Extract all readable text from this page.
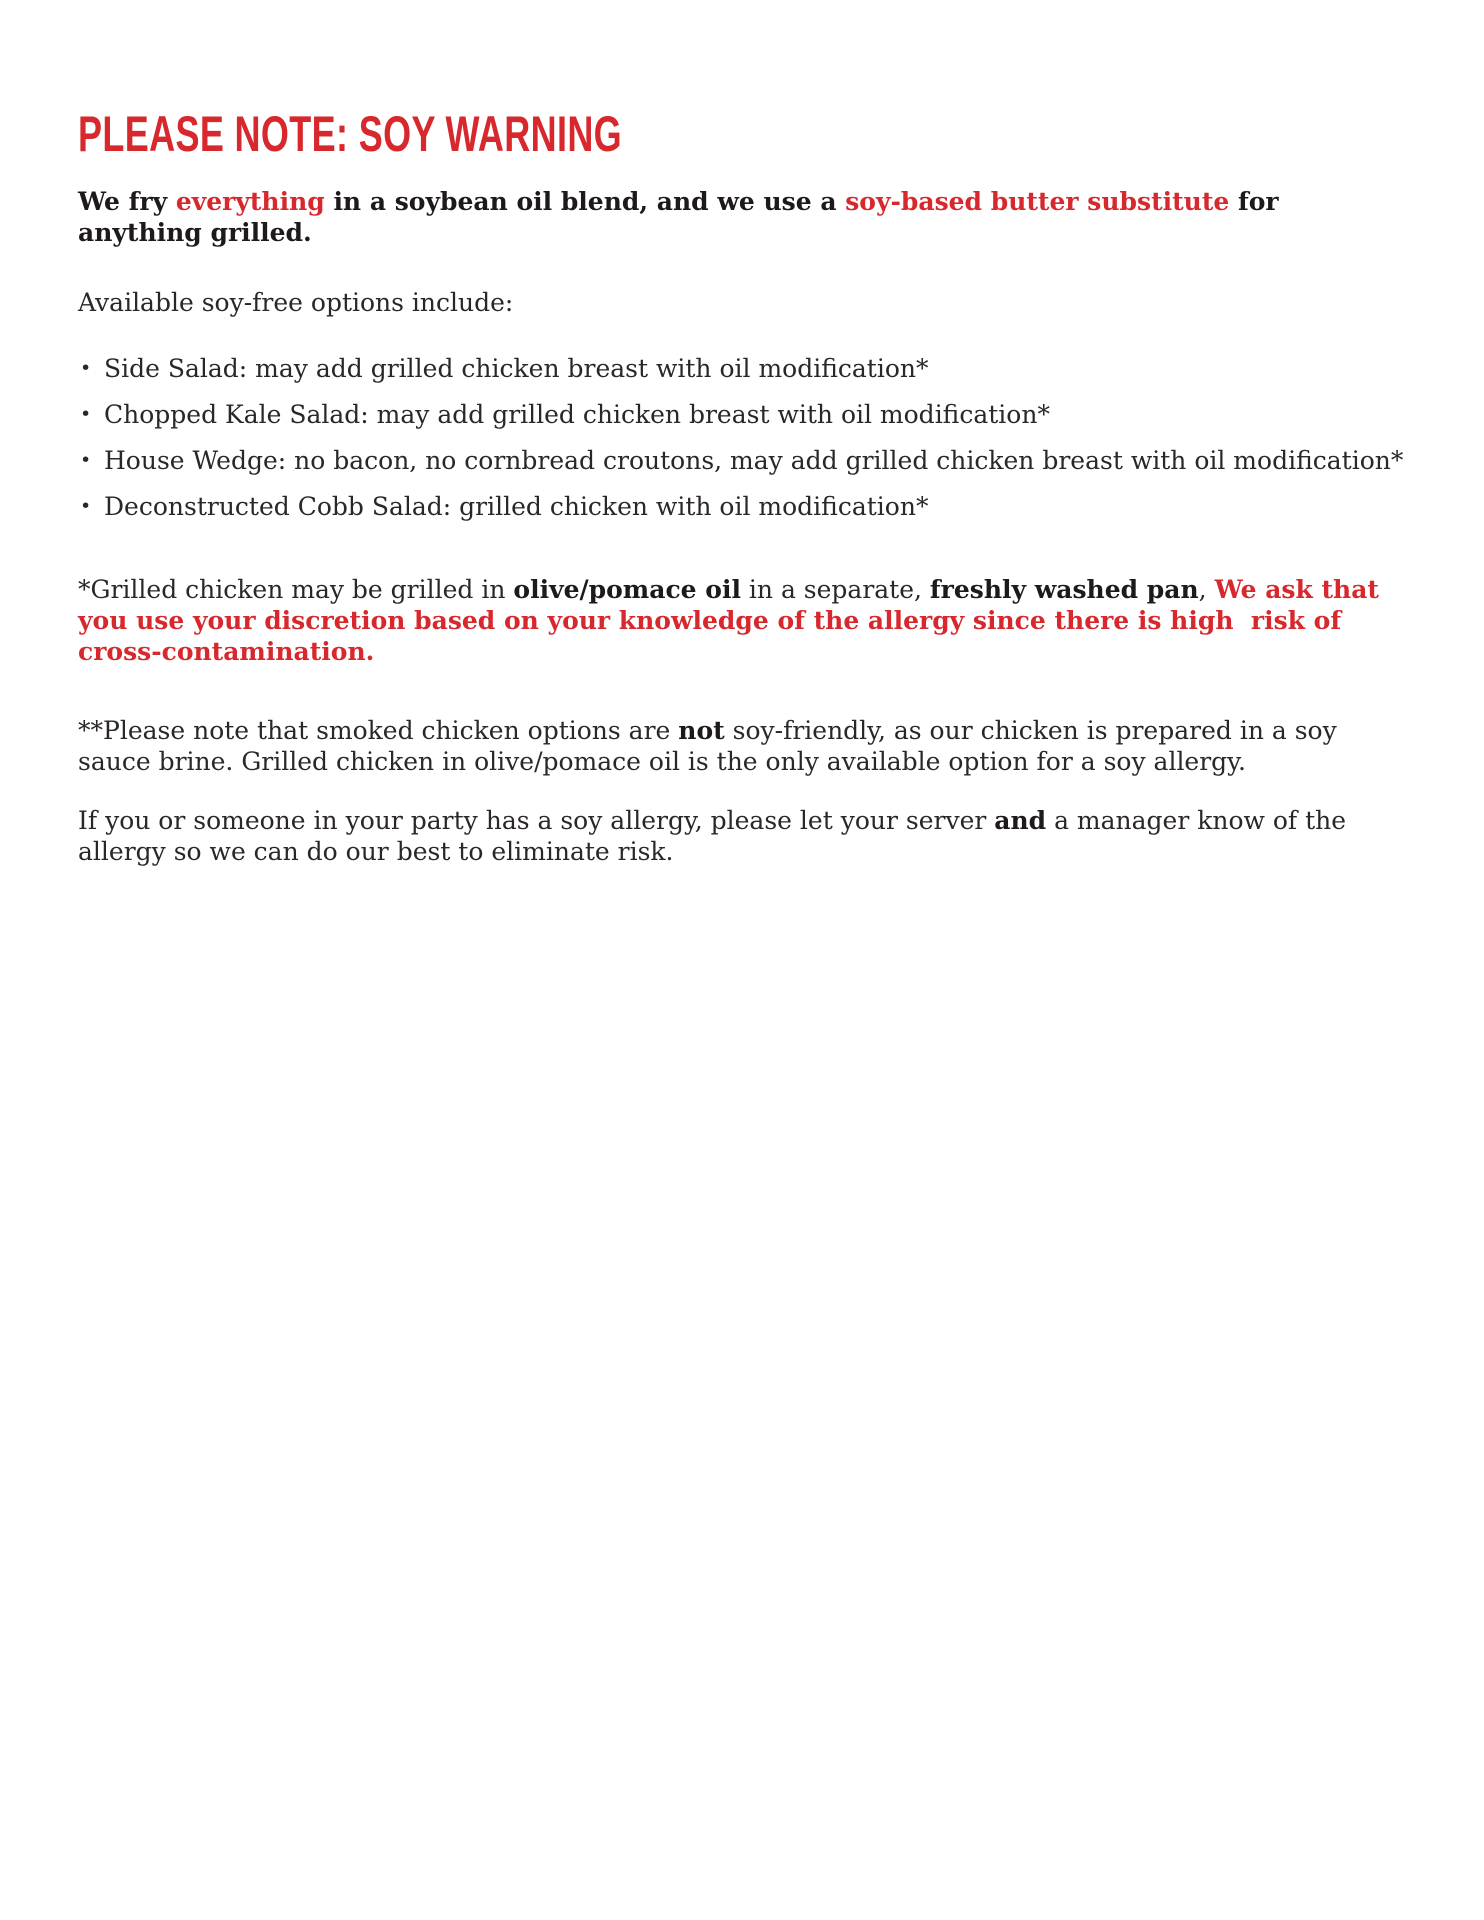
PLEASE NOTE: SOY WARNING

We fry everything in a soybean oil blend, and we use a soy-based butter substitute for anything grilled.

Available soy-free options include:

• Side Salad: may add grilled chicken breast with oil modification*
• Chopped Kale Salad: may add grilled chicken breast with oil modification*
• House Wedge: no bacon, no cornbread croutons, may add grilled chicken breast with oil modification*
• Deconstructed Cobb Salad: grilled chicken with oil modification*

*Grilled chicken may be grilled in olive/pomace oil in a separate, freshly washed pan, We ask that you use your discretion based on your knowledge of the allergy since there is high  risk of cross-contamination.

**Please note that smoked chicken options are not soy-friendly, as our chicken is prepared in a soy sauce brine. Grilled chicken in olive/pomace oil is the only available option for a soy allergy.

If you or someone in your party has a soy allergy, please let your server and a manager know of the allergy so we can do our best to eliminate risk.
